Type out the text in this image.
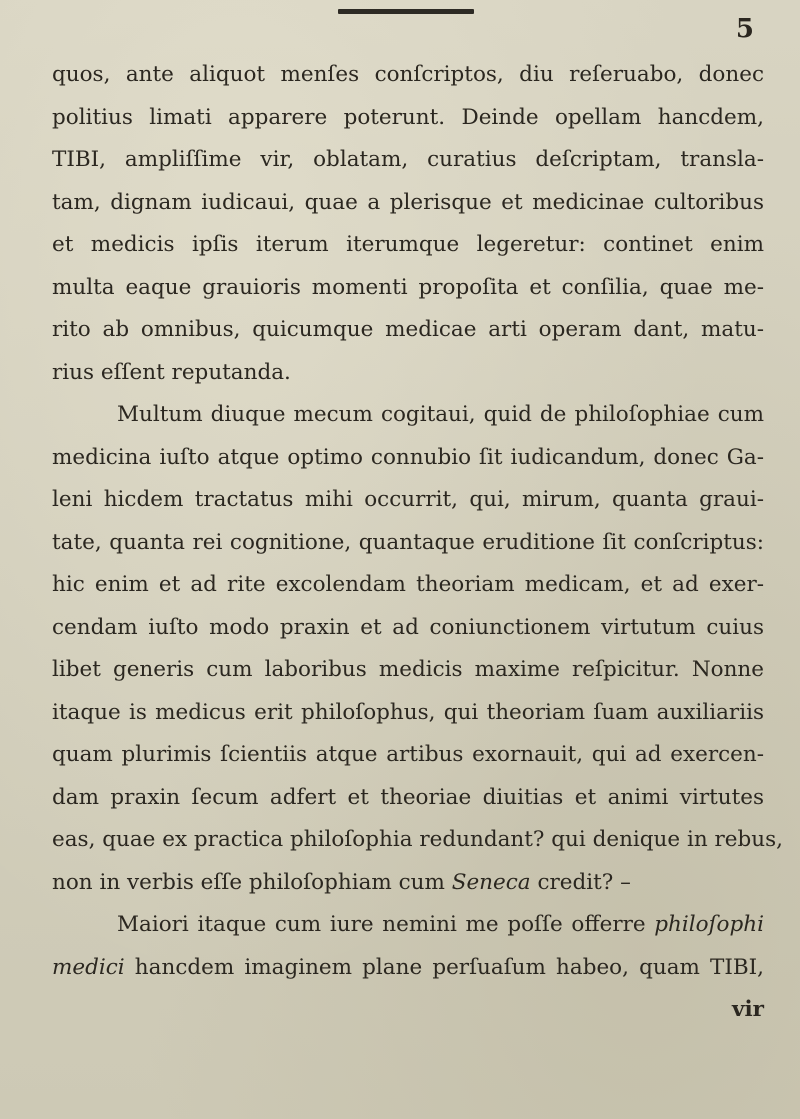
5
quos, ante aliquot menſes conſcriptos, diu reſeruabo, donec
politius limati apparere poterunt. Deinde opellam hancdem,
TIBI, ampliſſime vir, oblatam, curatius deſcriptam, transla-
tam, dignam iudicaui, quae a plerisque et medicinae cultoribus
et medicis ipſis iterum iterumque legeretur: continet enim
multa eaque grauioris momenti propoſita et conſilia, quae me-
rito ab omnibus, quicumque medicae arti operam dant, matu-
rius eſſent reputanda.
Multum diuque mecum cogitaui, quid de philoſophiae cum
medicina iuſto atque optimo connubio ſit iudicandum, donec Ga-
leni hicdem tractatus mihi occurrit, qui, mirum, quanta graui-
tate, quanta rei cognitione, quantaque eruditione ſit conſcriptus:
hic enim et ad rite excolendam theoriam medicam, et ad exer-
cendam iuſto modo praxin et ad coniunctionem virtutum cuius
libet generis cum laboribus medicis maxime reſpicitur. Nonne
itaque is medicus erit philoſophus, qui theoriam ſuam auxiliariis
quam plurimis ſcientiis atque artibus exornauit, qui ad exercen-
dam praxin ſecum adfert et theoriae diuitias et animi virtutes
eas, quae ex practica philoſophia redundant? qui denique in rebus,
non in verbis eſſe philoſophiam cum Seneca credit? –
Maiori itaque cum iure nemini me poſſe offerre philoſophi
medici hancdem imaginem plane perſuaſum habeo, quam TIBI,
vir
